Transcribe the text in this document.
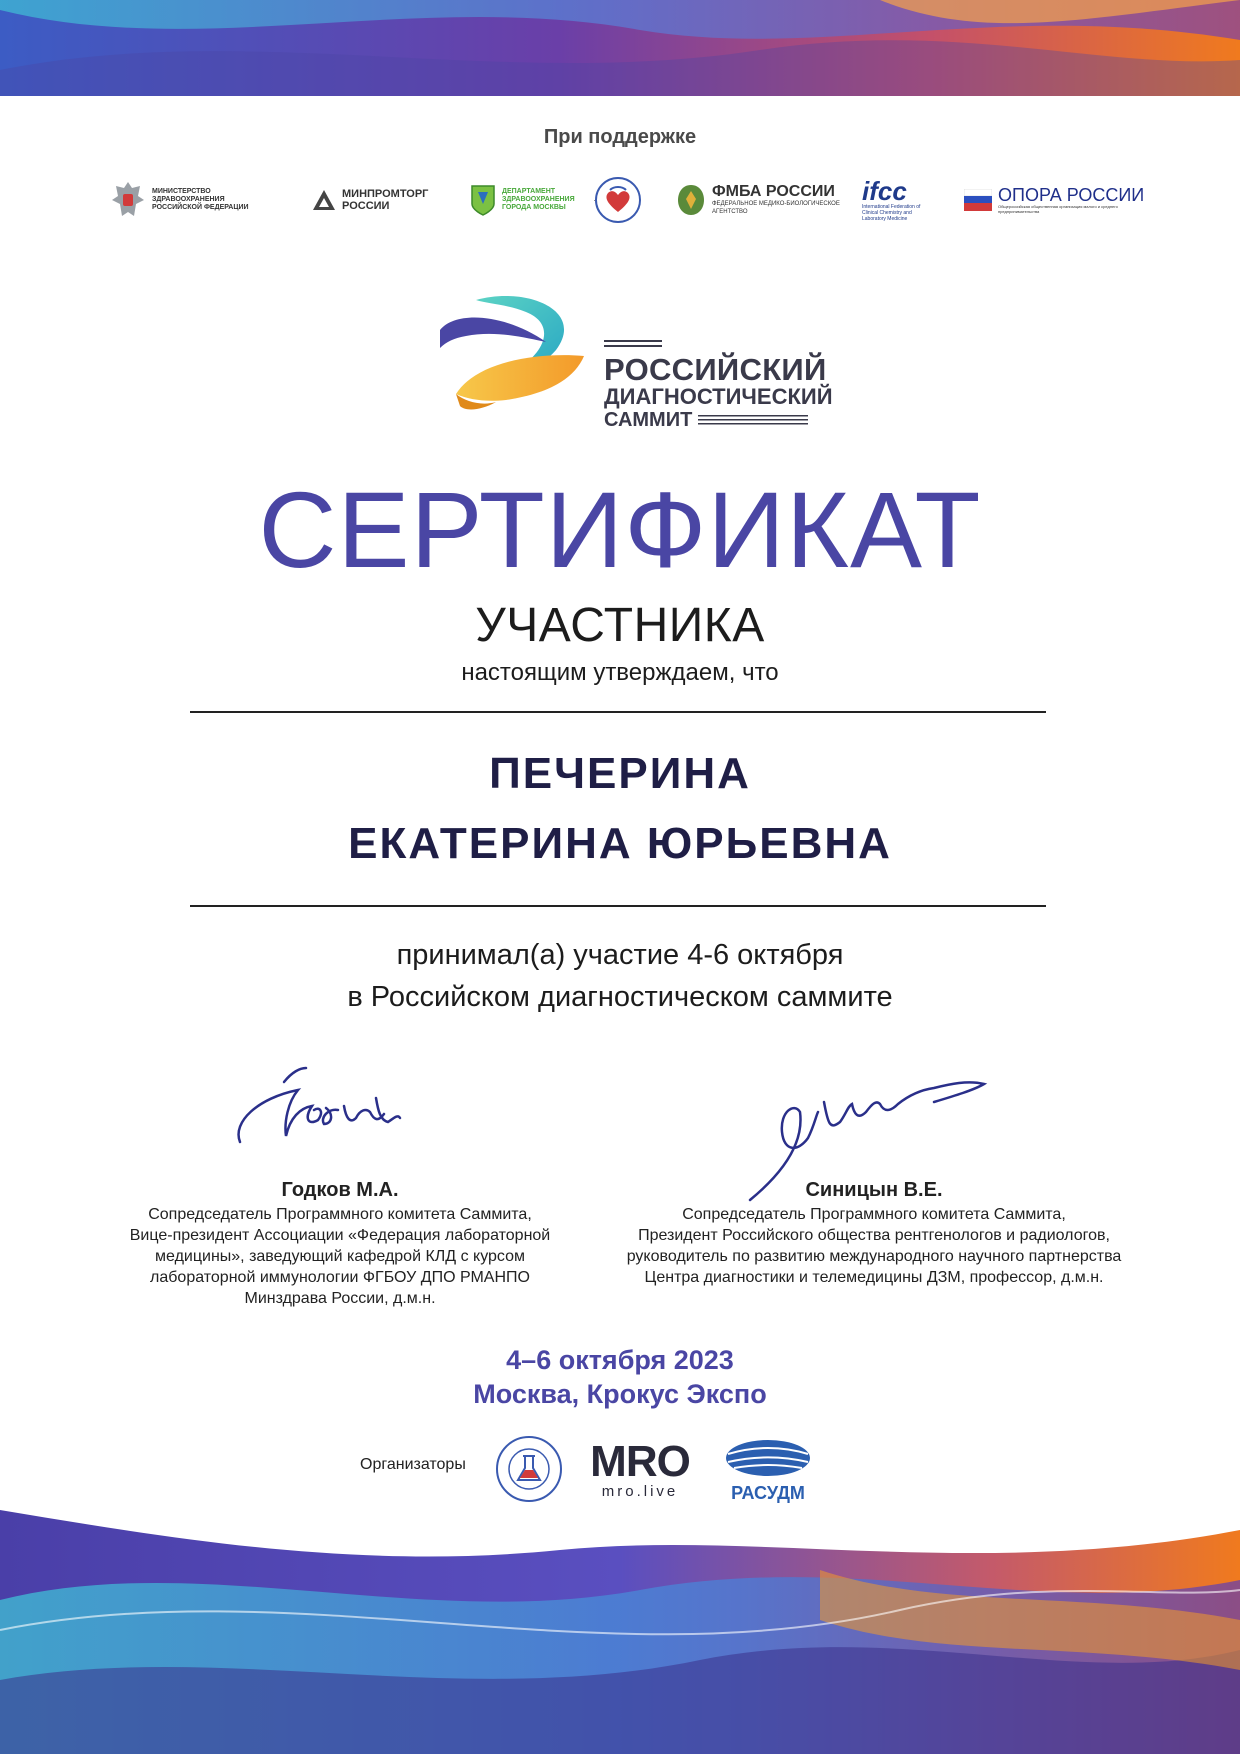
При поддержке
МИНИСТЕРСТВО ЗДРАВООХРАНЕНИЯ РОССИЙСКОЙ ФЕДЕРАЦИИ
МИНПРОМТОРГ РОССИИ
ДЕПАРТАМЕНТ ЗДРАВООХРАНЕНИЯ ГОРОДА МОСКВЫ
ФМБА РОССИИ
ФЕДЕРАЛЬНОЕ МЕДИКО-БИОЛОГИЧЕСКОЕ АГЕНТСТВО
ifcc
International Federation of Clinical Chemistry and Laboratory Medicine
ОПОРА РОССИИ
Общероссийская общественная организация малого и среднего предпринимательства
РОССИЙСКИЙ
ДИАГНОСТИЧЕСКИЙ
САММИТ
СЕРТИФИКАТ
УЧАСТНИКА
настоящим утверждаем, что
ПЕЧЕРИНА
ЕКАТЕРИНА ЮРЬЕВНА
принимал(а) участие 4-6 октября
в Российском диагностическом саммите
Годков М.А.
Сопредседатель Программного комитета Саммита,
Вице-президент Ассоциации «Федерация лабораторной
медицины», заведующий кафедрой КЛД с курсом
лабораторной иммунологии ФГБОУ ДПО РМАНПО
Минздрава России, д.м.н.
Синицын В.Е.
Сопредседатель Программного комитета Саммита,
Президент Российского общества рентгенологов и радиологов,
руководитель по развитию международного научного партнерства
Центра диагностики и телемедицины ДЗМ, профессор, д.м.н.
4–6 октября 2023
Москва, Крокус Экспо
Организаторы	MRO
mro.live	РАСУДМ
